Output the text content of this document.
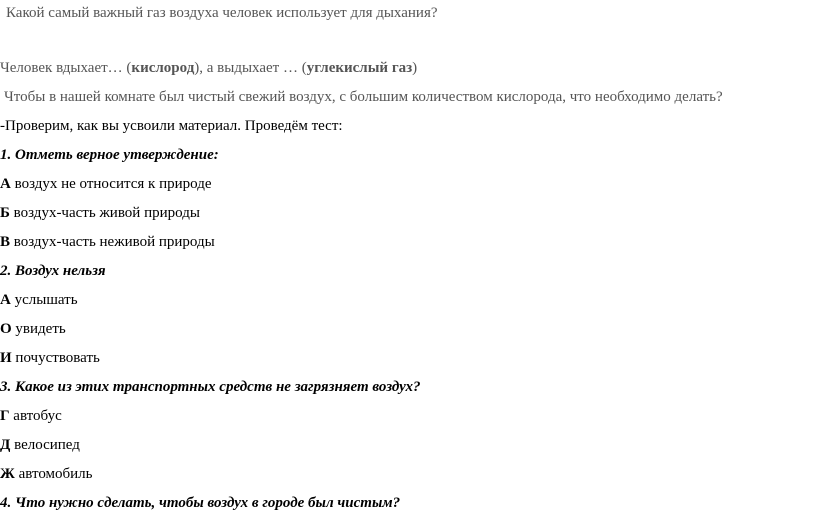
Какой самый важный газ воздуха человек использует для дыхания?
Человек вдыхает… (кислород), а выдыхает … (углекислый газ)
Чтобы в нашей комнате был чистый свежий воздух, с большим количеством кислорода, что необходимо делать?
-Проверим, как вы усвоили материал. Проведём тест:
1. Отметь верное утверждение:
А воздух не относится к природе
Б воздух-часть живой природы
В воздух-часть неживой природы
2. Воздух нельзя
А услышать
О увидеть
И почуствовать
3. Какое из этих транспортных средств не загрязняет воздух?
Г автобус
Д велосипед
Ж автомобиль
4. Что нужно сделать, чтобы воздух в городе был чистым?
